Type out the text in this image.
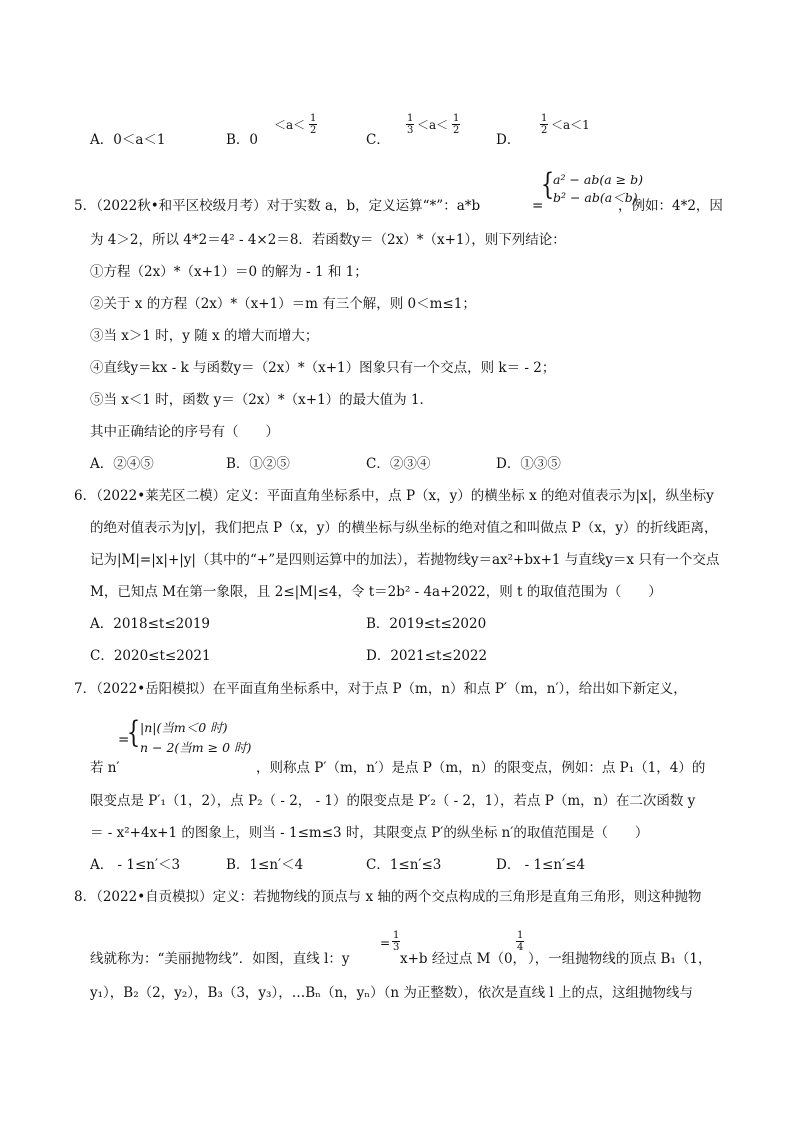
A．0＜a＜1	B．0
$<a< \frac{1}{2}$
C．
$\frac{1}{3} <a< \frac{1}{2}$
D．
$\frac{1}{2} <a<1$
5．（2022秋•和平区校级月考）对于实数 a，b，定义运算“*”：a*b	=
{
a² − ab(a ≥ b)
b² − ab(a＜b)
，例如：4*2，因
为 4＞2，所以 4*2＝4² - 4×2＝8．若函数y＝（2x）*（x+1），则下列结论：
①方程（2x）*（x+1）＝0 的解为 - 1 和 1；
②关于 x 的方程（2x）*（x+1）＝m 有三个解，则 0＜m≤1；
③当 x＞1 时，y 随 x 的增大而增大；
④直线y＝kx - k 与函数y＝（2x）*（x+1）图象只有一个交点，则 k＝ - 2；
⑤当 x＜1 时，函数 y＝（2x）*（x+1）的最大值为 1．
其中正确结论的序号有（　　）
A．②④⑤	B．①②⑤	C．②③④	D．①③⑤
6．（2022•莱芜区二模）定义：平面直角坐标系中，点 P（x，y）的横坐标 x 的绝对值表示为|x|，纵坐标y
的绝对值表示为|y|，我们把点 P（x，y）的横坐标与纵坐标的绝对值之和叫做点 P（x，y）的折线距离，
记为|M|=|x|+|y|（其中的“+”是四则运算中的加法），若抛物线y＝ax²+bx+1 与直线y＝x 只有一个交点
M，已知点 M在第一象限，且 2≤|M|≤4，令 t＝2b² - 4a+2022，则 t 的取值范围为（　　）
A．2018≤t≤2019	B．2019≤t≤2020
C．2020≤t≤2021	D．2021≤t≤2022
7．（2022•岳阳模拟）在平面直角坐标系中，对于点 P（m，n）和点 P′（m，n′），给出如下新定义，
=
{ |n|(当m＜0 时)
n − 2(当m ≥ 0 时)
若 n′	，则称点 P′（m，n′）是点 P（m，n）的限变点，例如：点 P₁（1，4）的
限变点是 P′₁（1，2），点 P₂（ - 2， - 1）的限变点是 P′₂（ - 2，1），若点 P（m，n）在二次函数 y
＝ - x²+4x+1 的图象上，则当 - 1≤m≤3 时，其限变点 P′的纵坐标 n′的取值范围是（　　）
A． - 1≤n′＜3	B．1≤n′＜4	C．1≤n′≤3	D． - 1≤n′≤4
8．（2022•自贡模拟）定义：若抛物线的顶点与 x 轴的两个交点构成的三角形是直角三角形，则这种抛物
= $\frac{1}{3}$	$\frac{1}{4}$
线就称为：“美丽抛物线”．如图，直线 l：y	x+b 经过点 M（0， ），一组抛物线的顶点 B₁（1，
y₁），B₂（2，y₂），B₃（3，y₃），…Bₙ（n，yₙ）（n 为正整数），依次是直线 l 上的点，这组抛物线与
